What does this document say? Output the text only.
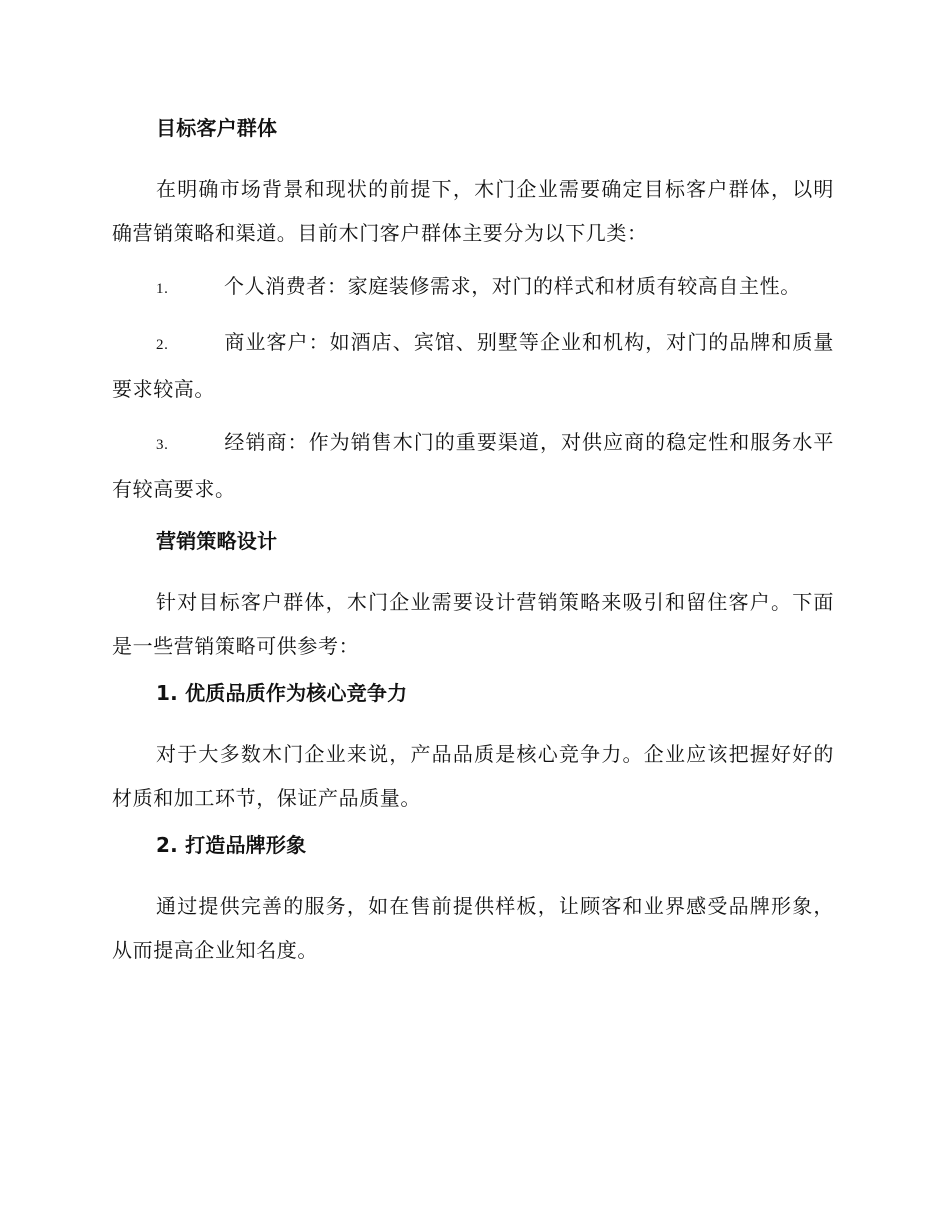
目标客户群体

在明确市场背景和现状的前提下，木门企业需要确定目标客户群体，以明确营销策略和渠道。目前木门客户群体主要分为以下几类：

1.	个人消费者：家庭装修需求，对门的样式和材质有较高自主性。

2.	商业客户：如酒店、宾馆、别墅等企业和机构，对门的品牌和质量要求较高。

3.	经销商：作为销售木门的重要渠道，对供应商的稳定性和服务水平有较高要求。

营销策略设计

针对目标客户群体，木门企业需要设计营销策略来吸引和留住客户。下面是一些营销策略可供参考：

1. 优质品质作为核心竞争力

对于大多数木门企业来说，产品品质是核心竞争力。企业应该把握好好的材质和加工环节，保证产品质量。

2. 打造品牌形象

通过提供完善的服务，如在售前提供样板，让顾客和业界感受品牌形象，从而提高企业知名度。
